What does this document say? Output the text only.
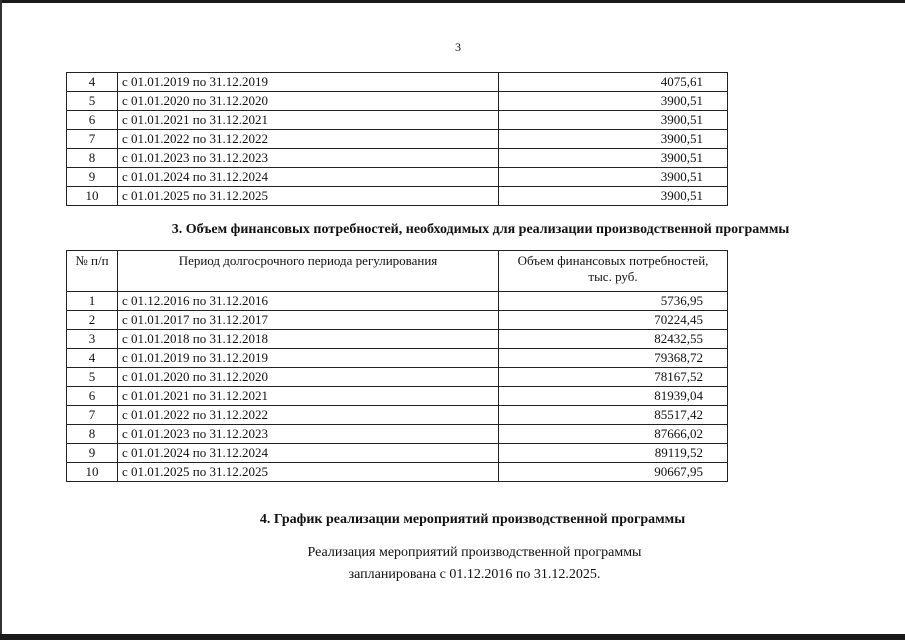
3
4	с 01.01.2019 по 31.12.2019	4075,61
5	с 01.01.2020 по 31.12.2020	3900,51
6	с 01.01.2021 по 31.12.2021	3900,51
7	с 01.01.2022 по 31.12.2022	3900,51
8	с 01.01.2023 по 31.12.2023	3900,51
9	с 01.01.2024 по 31.12.2024	3900,51
10	с 01.01.2025 по 31.12.2025	3900,51
3. Объем финансовых потребностей, необходимых для реализации производственной программы
№ п/п	Период долгосрочного периода регулирования	Объем финансовых потребностей,
тыс. руб.

1	с 01.12.2016 по 31.12.2016	5736,95
2	с 01.01.2017 по 31.12.2017	70224,45
3	с 01.01.2018 по 31.12.2018	82432,55
4	с 01.01.2019 по 31.12.2019	79368,72
5	с 01.01.2020 по 31.12.2020	78167,52
6	с 01.01.2021 по 31.12.2021	81939,04
7	с 01.01.2022 по 31.12.2022	85517,42
8	с 01.01.2023 по 31.12.2023	87666,02
9	с 01.01.2024 по 31.12.2024	89119,52
10	с 01.01.2025 по 31.12.2025	90667,95
4. График реализации мероприятий производственной программы
Реализация мероприятий производственной программы
запланирована с 01.12.2016 по 31.12.2025.
